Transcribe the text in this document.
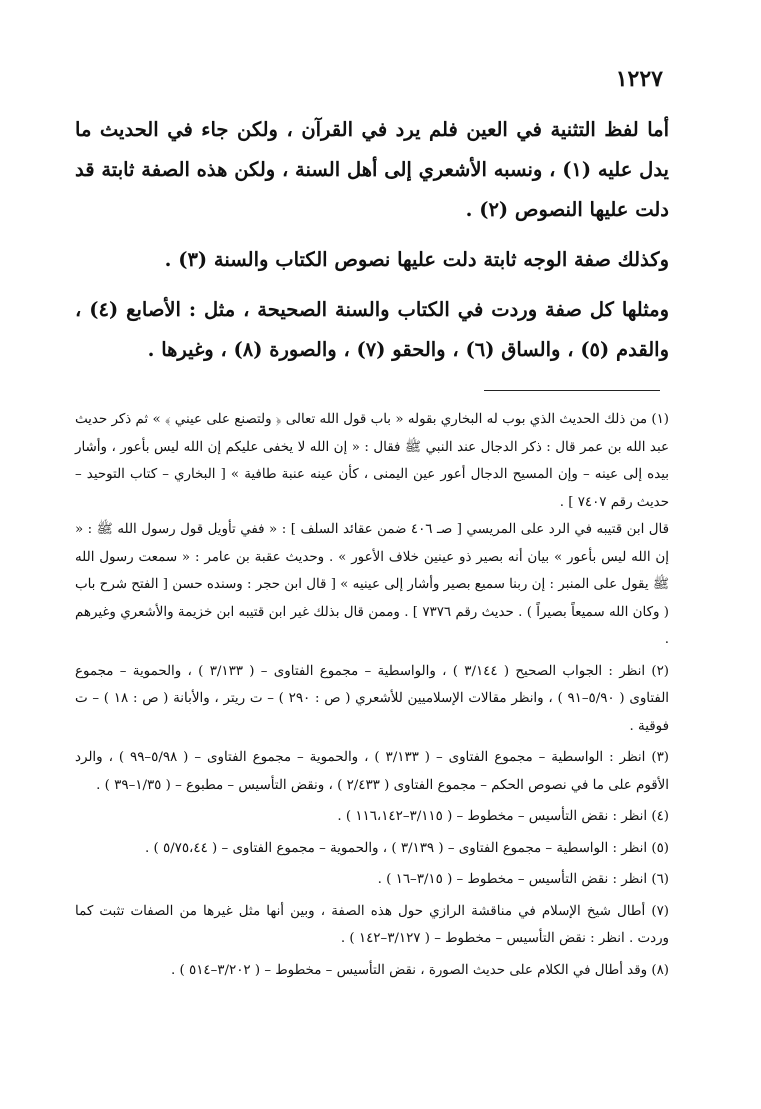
١٢٢٧

أما لفظ التثنية في العين فلم يرد في القرآن ، ولكن جاء في الحديث ما يدل عليه (١) ، ونسبه الأشعري إلى أهل السنة ، ولكن هذه الصفة ثابتة قد دلت عليها النصوص (٢) .

وكذلك صفة الوجه ثابتة دلت عليها نصوص الكتاب والسنة (٣) .

ومثلها كل صفة وردت في الكتاب والسنة الصحيحة ، مثل : الأصابع (٤) ، والقدم (٥) ، والساق (٦) ، والحقو (٧) ، والصورة (٨) ، وغيرها .

(١) من ذلك الحديث الذي بوب له البخاري بقوله « باب قول الله تعالى ﴿ ولتصنع على عيني ﴾ » ثم ذكر حديث عبد الله بن عمر قال : ذكر الدجال عند النبي ﷺ فقال : « إن الله لا يخفى عليكم إن الله ليس بأعور ، وأشار بيده إلى عينه – وإن المسيح الدجال أعور عين اليمنى ، كأن عينه عنبة طافية » [ البخاري – كتاب التوحيد – حديث رقم ٧٤٠٧ ] .

قال ابن قتيبه في الرد على المريسي [ صـ ٤٠٦ ضمن عقائد السلف ] : « ففي تأويل قول رسول الله ﷺ : « إن الله ليس بأعور » بيان أنه بصير ذو عينين خلاف الأعور » . وحديث عقبة بن عامر : « سمعت رسول الله ﷺ يقول على المنبر : إن ربنا سميع بصير وأشار إلى عينيه » [ قال ابن حجر : وسنده حسن [ الفتح شرح باب ( وكان الله سميعاً بصيراً ) . حديث رقم ٧٣٧٦ ] . وممن قال بذلك غير ابن قتيبه ابن خزيمة والأشعري وغيرهم .

(٢) انظر : الجواب الصحيح ( ٣/١٤٤ ) ، والواسطية – مجموع الفتاوى – ( ٣/١٣٣ ) ، والحموية – مجموع الفتاوى ( ٥/٩٠–٩١ ) ، وانظر مقالات الإسلاميين للأشعري ( ص : ٢٩٠ ) – ت ريتر ، والأبانة ( ص : ١٨ ) – ت فوقية .

(٣) انظر : الواسطية – مجموع الفتاوى – ( ٣/١٣٣ ) ، والحموية – مجموع الفتاوى – ( ٥/٩٨–٩٩ ) ، والرد الأقوم على ما في نصوص الحكم – مجموع الفتاوى ( ٢/٤٣٣ ) ، ونقض التأسيس – مطبوع – ( ١/٣٥–٣٩ ) .

(٤) انظر : نقض التأسيس – مخطوط – ( ٣/١١٥–١١٦،١٤٢ ) .

(٥) انظر : الواسطية – مجموع الفتاوى – ( ٣/١٣٩ ) ، والحموية – مجموع الفتاوى – ( ٥/٧٥،٤٤ ) .

(٦) انظر : نقض التأسيس – مخطوط – ( ٣/١٥–١٦ ) .

(٧) أطال شيخ الإسلام في مناقشة الرازي حول هذه الصفة ، وبين أنها مثل غيرها من الصفات تثبت كما وردت . انظر : نقض التأسيس – مخطوط – ( ٣/١٢٧–١٤٢ ) .

(٨) وقد أطال في الكلام على حديث الصورة ، نقض التأسيس – مخطوط – ( ٣/٢٠٢–٥١٤ ) .
